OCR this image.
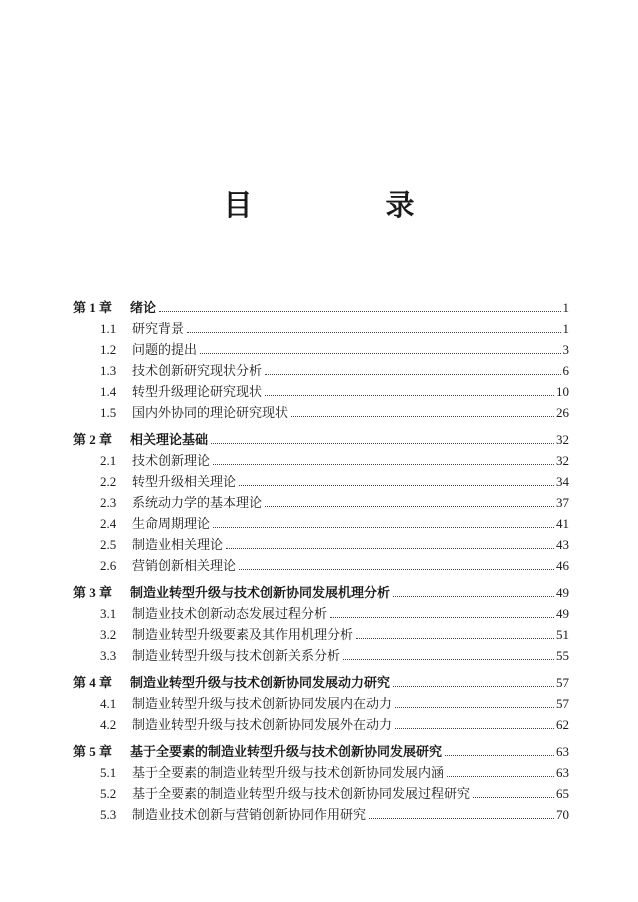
目　录
第 1 章	绪论	1
1.1	研究背景	1
1.2	问题的提出	3
1.3	技术创新研究现状分析	6
1.4	转型升级理论研究现状	10
1.5	国内外协同的理论研究现状	26
第 2 章	相关理论基础	32
2.1	技术创新理论	32
2.2	转型升级相关理论	34
2.3	系统动力学的基本理论	37
2.4	生命周期理论	41
2.5	制造业相关理论	43
2.6	营销创新相关理论	46
第 3 章	制造业转型升级与技术创新协同发展机理分析	49
3.1	制造业技术创新动态发展过程分析	49
3.2	制造业转型升级要素及其作用机理分析	51
3.3	制造业转型升级与技术创新关系分析	55
第 4 章	制造业转型升级与技术创新协同发展动力研究	57
4.1	制造业转型升级与技术创新协同发展内在动力	57
4.2	制造业转型升级与技术创新协同发展外在动力	62
第 5 章	基于全要素的制造业转型升级与技术创新协同发展研究	63
5.1	基于全要素的制造业转型升级与技术创新协同发展内涵	63
5.2	基于全要素的制造业转型升级与技术创新协同发展过程研究	65
5.3	制造业技术创新与营销创新协同作用研究	70
